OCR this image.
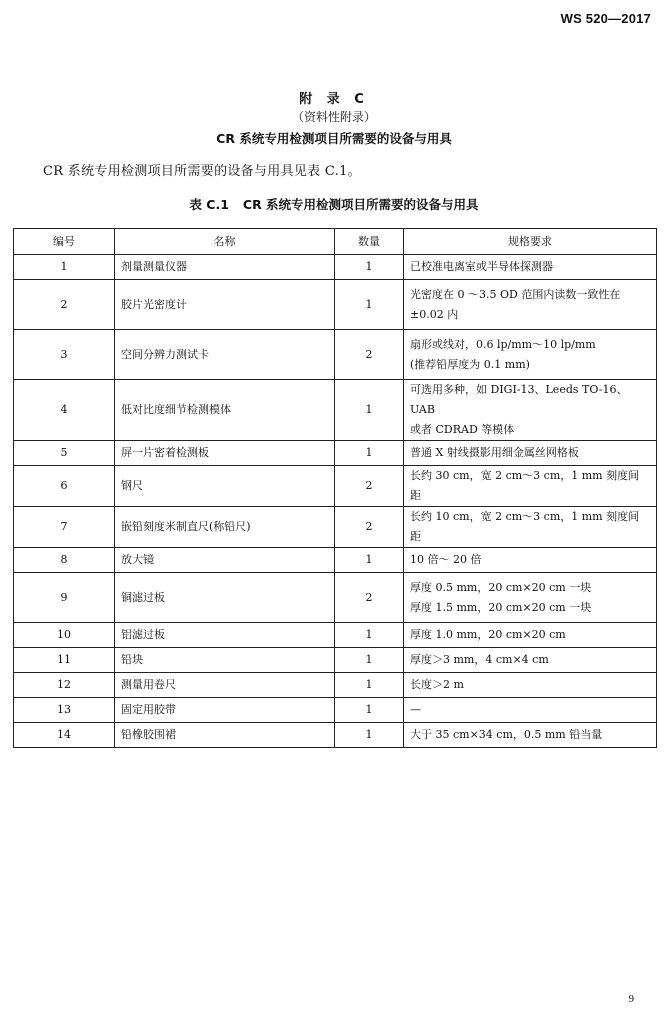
WS 520—2017
附 录 C
（资料性附录）
CR 系统专用检测项目所需要的设备与用具
CR 系统专用检测项目所需要的设备与用具见表 C.1。
表 C.1 CR 系统专用检测项目所需要的设备与用具
编号	名称	数量	规格要求
1	剂量测量仪器	1	已校准电离室或半导体探测器

2	胶片光密度计	1	光密度在 0 ～3.5 OD 范围内读数一致性在
±0.02 内

3	空间分辨力测试卡	2	扇形或线对，0.6 lp/mm～10 lp/mm
(推荐铅厚度为 0.1 mm)

4	低对比度细节检测模体	1	可选用多种，如 DIGI-13、Leeds TO-16、UAB
或者 CDRAD 等模体

5	屏一片密着检测板	1	普通 X 射线摄影用细金属丝网格板

6	钢尺	2	长约 30 cm，宽 2 cm～3 cm，1 mm 刻度间距

7	嵌铅刻度米制直尺(称铅尺)	2	长约 10 cm，宽 2 cm～3 cm，1 mm 刻度间距

8	放大镜	1	10 倍～ 20 倍

9	铜滤过板	2	厚度 0.5 mm，20 cm×20 cm 一块
厚度 1.5 mm，20 cm×20 cm 一块

10	铝滤过板	1	厚度 1.0 mm，20 cm×20 cm

11	铅块	1	厚度＞3 mm，4 cm×4 cm

12	测量用卷尺	1	长度＞2 m

13	固定用胶带	1	—

14	铅橡胶围裙	1	大于 35 cm×34 cm，0.5 mm 铅当量
9
